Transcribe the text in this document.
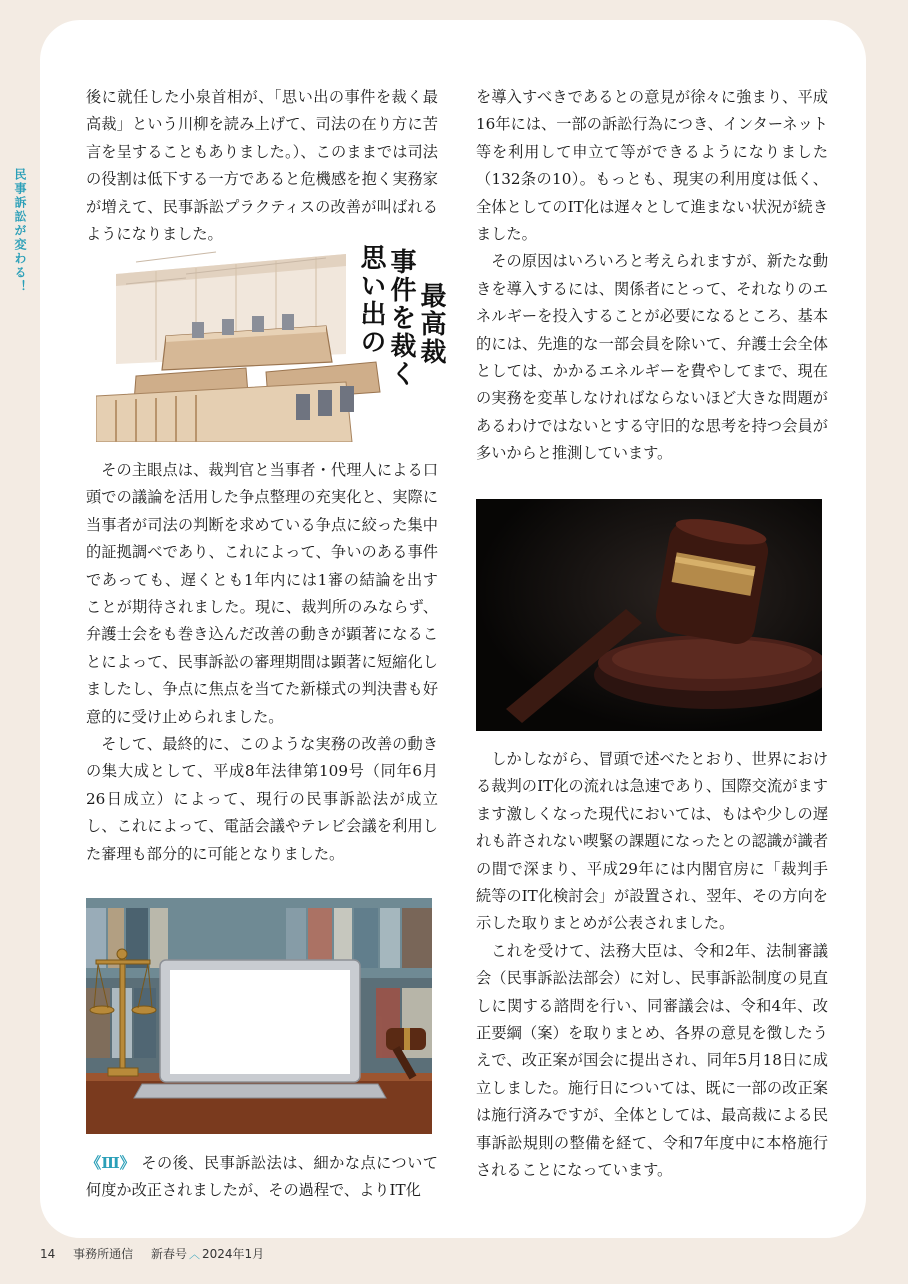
民事訴訟が変わる！

後に就任した小泉首相が、「思い出の事件を裁く最高裁」という川柳を読み上げて、司法の在り方に苦言を呈することもありました。）、このままでは司法の役割は低下する一方であると危機感を抱く実務家が増えて、民事訴訟プラクティスの改善が叫ばれるようになりました。

思い出の 事件を裁く 最高裁

その主眼点は、裁判官と当事者・代理人による口頭での議論を活用した争点整理の充実化と、実際に当事者が司法の判断を求めている争点に絞った集中的証拠調べであり、これによって、争いのある事件であっても、遅くとも1年内には1審の結論を出すことが期待されました。現に、裁判所のみならず、弁護士会をも巻き込んだ改善の動きが顕著になることによって、民事訴訟の審理期間は顕著に短縮化しましたし、争点に焦点を当てた新様式の判決書も好意的に受け止められました。

そして、最終的に、このような実務の改善の動きの集大成として、平成8年法律第109号（同年6月26日成立）によって、現行の民事訴訟法が成立し、これによって、電話会議やテレビ会議を利用した審理も部分的に可能となりました。

《Ⅲ》 その後、民事訴訟法は、細かな点について何度か改正されましたが、その過程で、よりIT化

を導入すべきであるとの意見が徐々に強まり、平成16年には、一部の訴訟行為につき、インターネット等を利用して申立て等ができるようになりました（132条の10）。もっとも、現実の利用度は低く、全体としてのIT化は遅々として進まない状況が続きました。

その原因はいろいろと考えられますが、新たな動きを導入するには、関係者にとって、それなりのエネルギーを投入することが必要になるところ、基本的には、先進的な一部会員を除いて、弁護士会全体としては、かかるエネルギーを費やしてまで、現在の実務を変革しなければならないほど大きな問題があるわけではないとする守旧的な思考を持つ会員が多いからと推測しています。

しかしながら、冒頭で述べたとおり、世界における裁判のIT化の流れは急速であり、国際交流がますます激しくなった現代においては、もはや少しの遅れも許されない喫緊の課題になったとの認識が識者の間で深まり、平成29年には内閣官房に「裁判手続等のIT化検討会」が設置され、翌年、その方向を示した取りまとめが公表されました。

これを受けて、法務大臣は、令和2年、法制審議会（民事訴訟法部会）に対し、民事訴訟制度の見直しに関する諮問を行い、同審議会は、令和4年、改正要綱（案）を取りまとめ、各界の意見を徴したうえで、改正案が国会に提出され、同年5月18日に成立しました。施行日については、既に一部の改正案は施行済みですが、全体としては、最高裁による民事訴訟規則の整備を経て、令和7年度中に本格施行されることになっています。

14 事務所通信 新春号 ︿ 2024年1月
